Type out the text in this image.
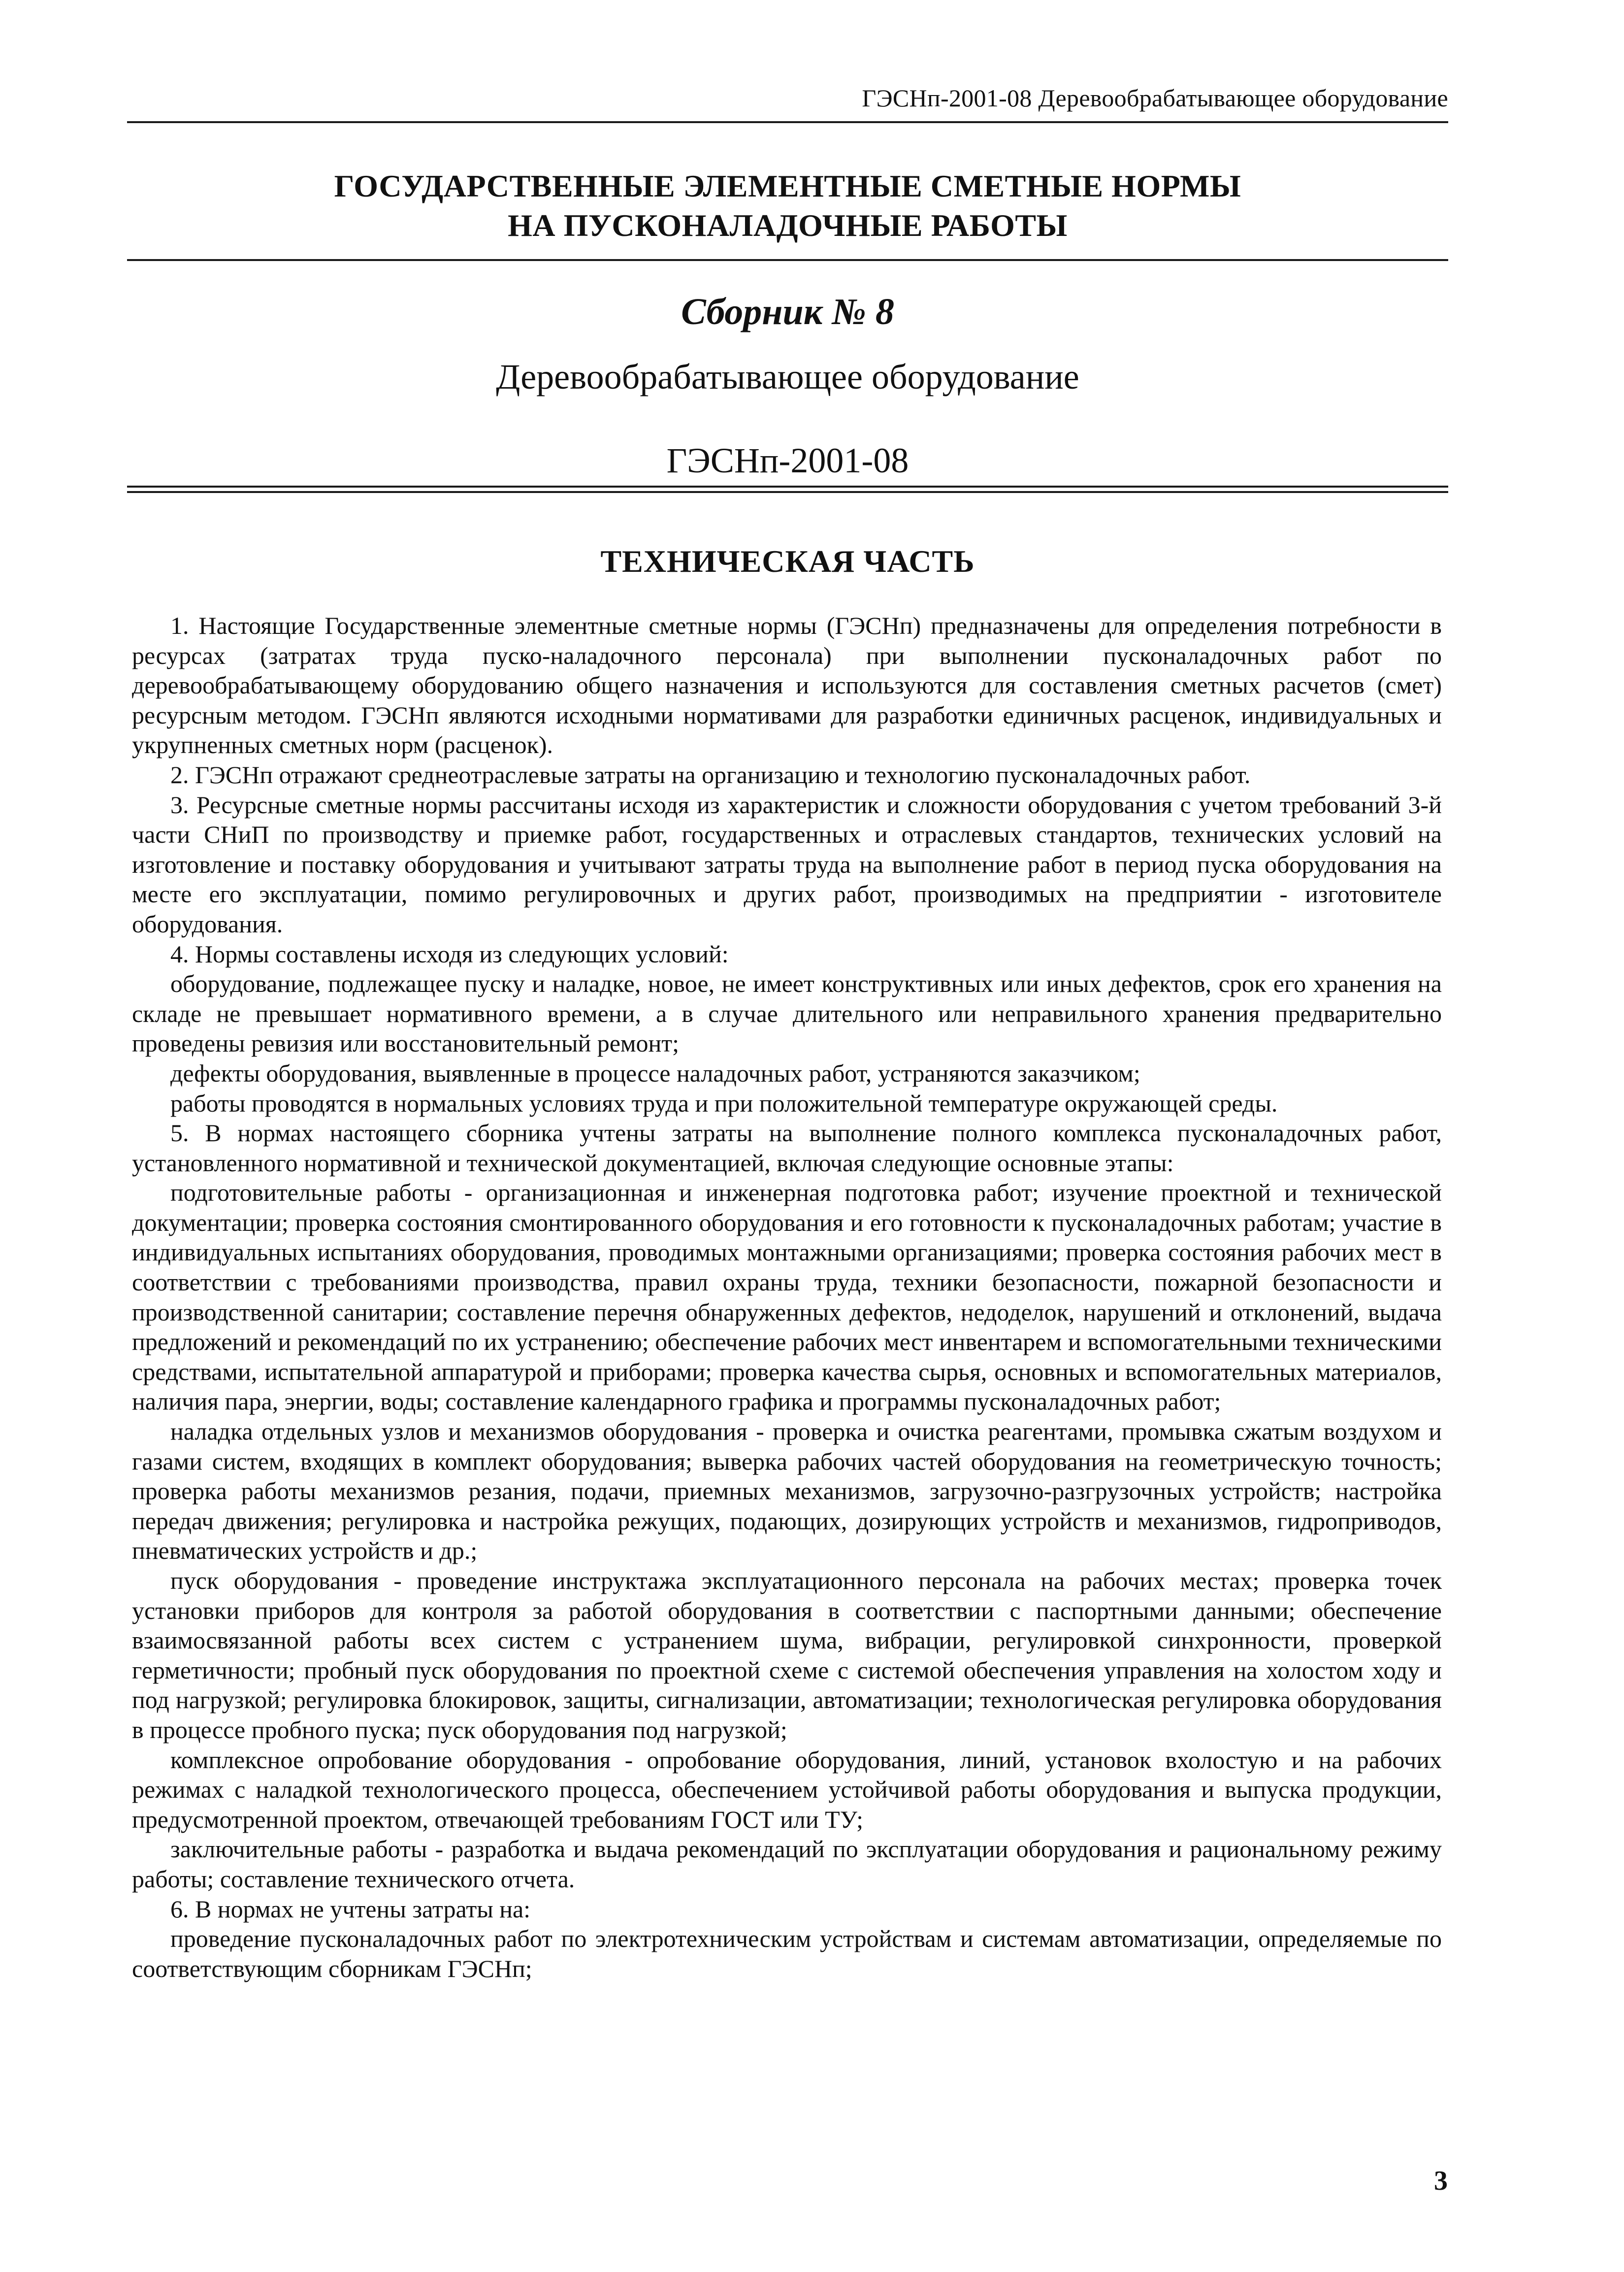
ГЭСНп-2001-08 Деревообрабатывающее оборудование
ГОСУДАРСТВЕННЫЕ ЭЛЕМЕНТНЫЕ СМЕТНЫЕ НОРМЫ
НА ПУСКОНАЛАДОЧНЫЕ РАБОТЫ
Сборник № 8
Деревообрабатывающее оборудование
ГЭСНп-2001-08
ТЕХНИЧЕСКАЯ ЧАСТЬ

1. Настоящие Государственные элементные сметные нормы (ГЭСНп) предназначены для определения потребности в ресурсах (затратах труда пуско-наладочного персонала) при выполнении пусконаладочных работ по деревообрабатывающему оборудованию общего назначения и используются для составления сметных расчетов (смет) ресурсным методом. ГЭСНп являются исходными нормативами для разработки единичных расценок, индивидуальных и укрупненных сметных норм (расценок).

2. ГЭСНп отражают среднеотраслевые затраты на организацию и технологию пусконаладочных работ.

3. Ресурсные сметные нормы рассчитаны исходя из характеристик и сложности оборудования с учетом требований 3-й части СНиП по производству и приемке работ, государственных и отраслевых стандартов, технических условий на изготовление и поставку оборудования и учитывают затраты труда на выполнение работ в период пуска оборудования на месте его эксплуатации, помимо регулировочных и других работ, производимых на предприятии - изготовителе оборудования.

4. Нормы составлены исходя из следующих условий:

оборудование, подлежащее пуску и наладке, новое, не имеет конструктивных или иных дефектов, срок его хранения на складе не превышает нормативного времени, а в случае длительного или неправильного хранения предварительно проведены ревизия или восстановительный ремонт;

дефекты оборудования, выявленные в процессе наладочных работ, устраняются заказчиком;

работы проводятся в нормальных условиях труда и при положительной температуре окружающей среды.

5. В нормах настоящего сборника учтены затраты на выполнение полного комплекса пусконаладочных работ, установленного нормативной и технической документацией, включая следующие основные этапы:

подготовительные работы - организационная и инженерная подготовка работ; изучение проектной и технической документации; проверка состояния смонтированного оборудования и его готовности к пусконаладочных работам; участие в индивидуальных испытаниях оборудования, проводимых монтажными организациями; проверка состояния рабочих мест в соответствии с требованиями производства, правил охраны труда, техники безопасности, пожарной безопасности и производственной санитарии; составление перечня обнаруженных дефектов, недоделок, нарушений и отклонений, выдача предложений и рекомендаций по их устранению; обеспечение рабочих мест инвентарем и вспомогательными техническими средствами, испытательной аппаратурой и приборами; проверка качества сырья, основных и вспомогательных материалов, наличия пара, энергии, воды; составление календарного графика и программы пусконаладочных работ;

наладка отдельных узлов и механизмов оборудования - проверка и очистка реагентами, промывка сжатым воздухом и газами систем, входящих в комплект оборудования; выверка рабочих частей оборудования на геометрическую точность; проверка работы механизмов резания, подачи, приемных механизмов, загрузочно-разгрузочных устройств; настройка передач движения; регулировка и настройка режущих, подающих, дозирующих устройств и механизмов, гидроприводов, пневматических устройств и др.;

пуск оборудования - проведение инструктажа эксплуатационного персонала на рабочих местах; проверка точек установки приборов для контроля за работой оборудования в соответствии с паспортными данными; обеспечение взаимосвязанной работы всех систем с устранением шума, вибрации, регулировкой синхронности, проверкой герметичности; пробный пуск оборудования по проектной схеме с системой обеспечения управления на холостом ходу и под нагрузкой; регулировка блокировок, защиты, сигнализации, автоматизации; технологическая регулировка оборудования в процессе пробного пуска; пуск оборудования под нагрузкой;

комплексное опробование оборудования - опробование оборудования, линий, установок вхолостую и на рабочих режимах с наладкой технологического процесса, обеспечением устойчивой работы оборудования и выпуска продукции, предусмотренной проектом, отвечающей требованиям ГОСТ или ТУ;

заключительные работы - разработка и выдача рекомендаций по эксплуатации оборудования и рациональному режиму работы; составление технического отчета.

6. В нормах не учтены затраты на:

проведение пусконаладочных работ по электротехническим устройствам и системам автоматизации, определяемые по соответствующим сборникам ГЭСНп;

3
